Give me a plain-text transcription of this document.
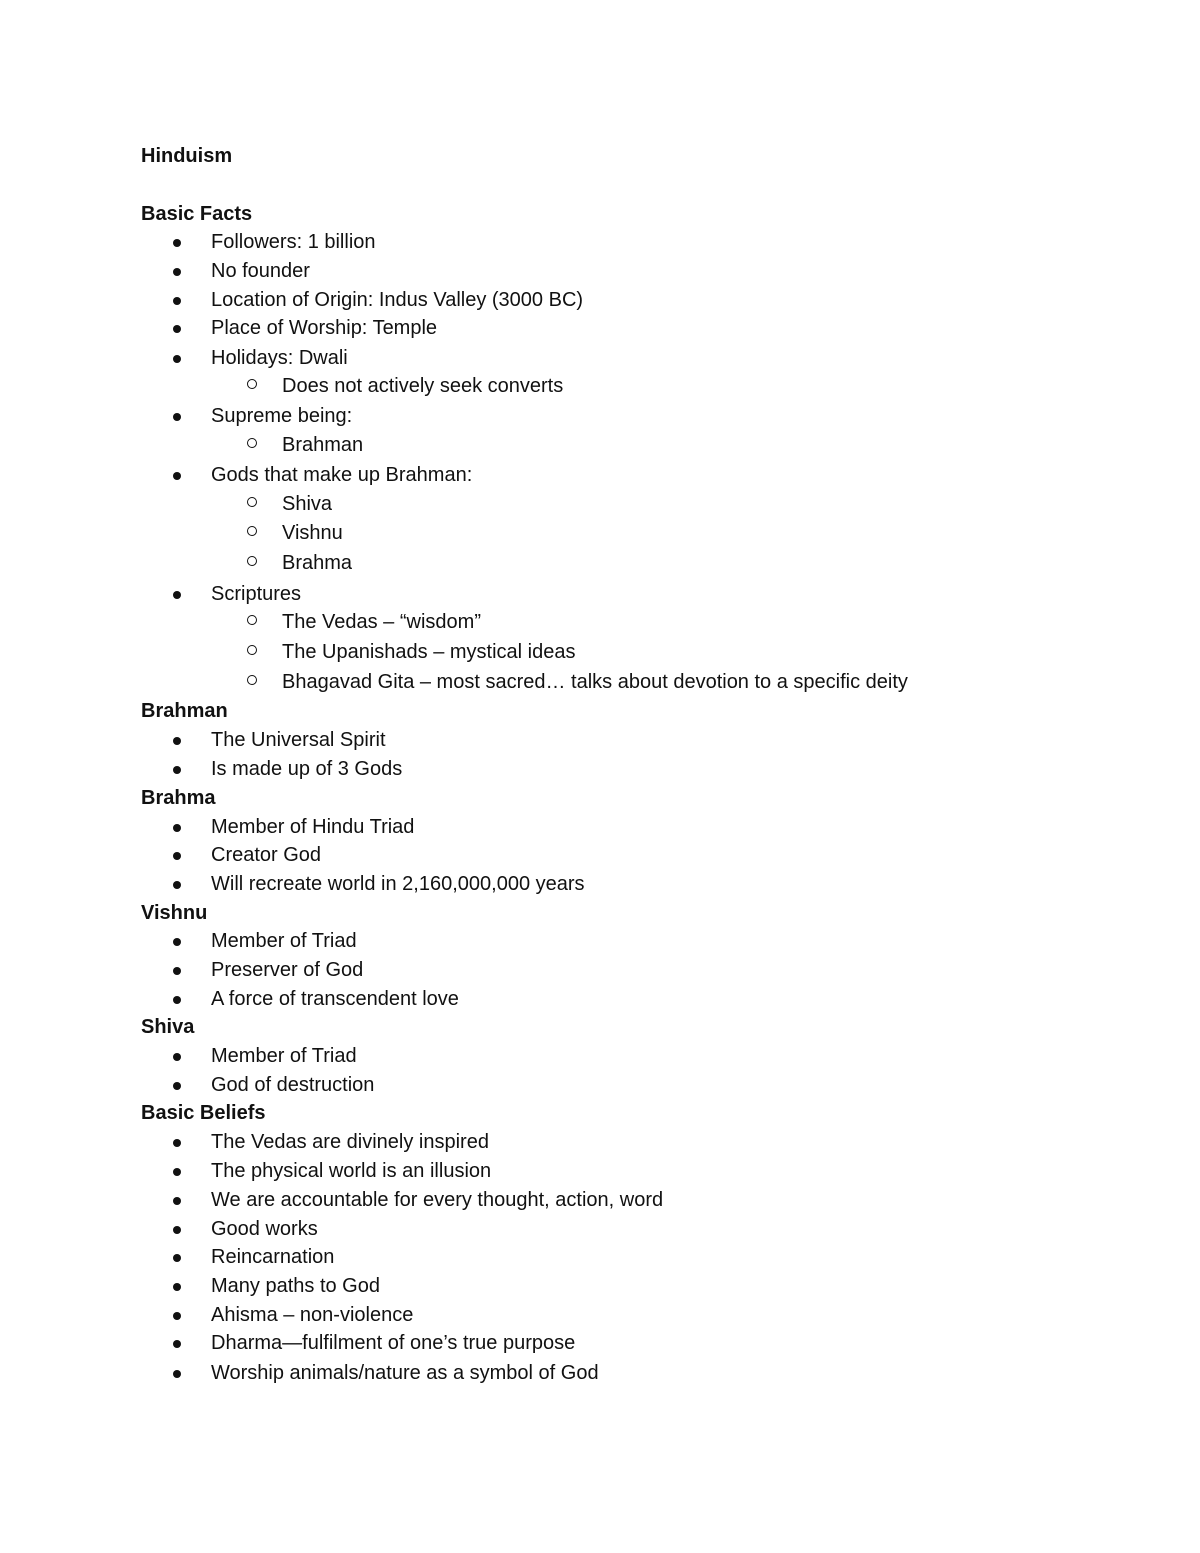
Hinduism
Basic Facts
Followers: 1 billion
No founder
Location of Origin: Indus Valley (3000 BC)
Place of Worship: Temple
Holidays: Dwali
Does not actively seek converts
Supreme being:
Brahman
Gods that make up Brahman:
Shiva
Vishnu
Brahma
Scriptures
The Vedas – “wisdom”
The Upanishads – mystical ideas
Bhagavad Gita – most sacred… talks about devotion to a specific deity
Brahman
The Universal Spirit
Is made up of 3 Gods
Brahma
Member of Hindu Triad
Creator God
Will recreate world in 2,160,000,000 years
Vishnu
Member of Triad
Preserver of God
A force of transcendent love
Shiva
Member of Triad
God of destruction
Basic Beliefs
The Vedas are divinely inspired
The physical world is an illusion
We are accountable for every thought, action, word
Good works
Reincarnation
Many paths to God
Ahisma – non-violence
Dharma—fulfilment of one’s true purpose
Worship animals/nature as a symbol of God
